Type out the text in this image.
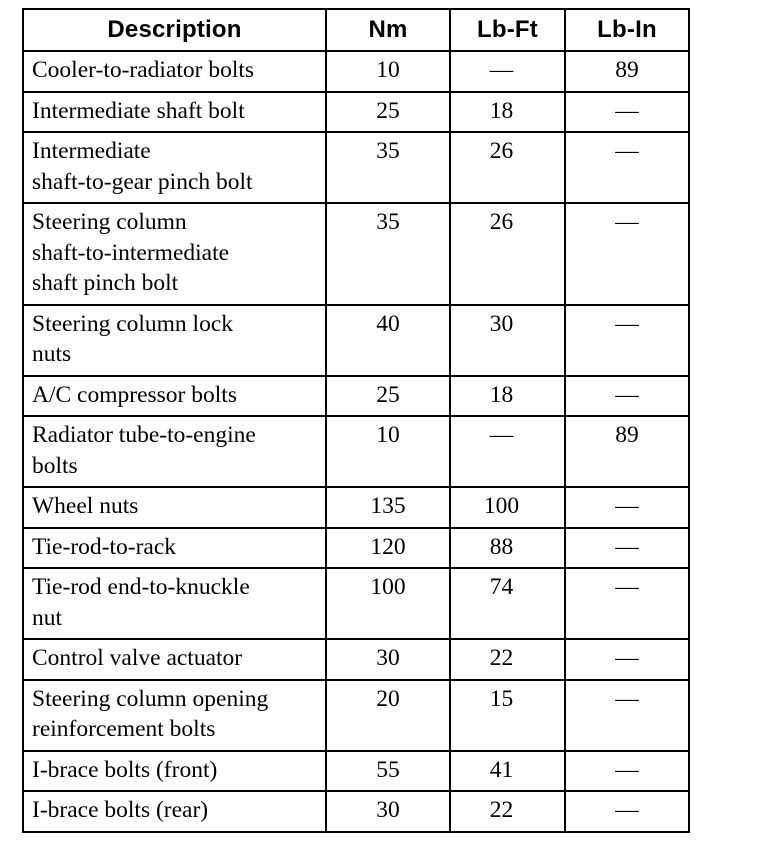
Description	Nm	Lb-Ft	Lb-In

Cooler-to-radiator bolts	10	—	89

Intermediate shaft bolt	25	18	—

Intermediate
shaft-to-gear pinch bolt	35	26	—

Steering column
shaft-to-intermediate
shaft pinch bolt	35	26	—

Steering column lock
nuts	40	30	—

A/C compressor bolts	25	18	—

Radiator tube-to-engine
bolts	10	—	89

Wheel nuts	135	100	—

Tie-rod-to-rack	120	88	—

Tie-rod end-to-knuckle
nut	100	74	—

Control valve actuator	30	22	—

Steering column opening
reinforcement bolts	20	15	—

I-brace bolts (front)	55	41	—

I-brace bolts (rear)	30	22	—
